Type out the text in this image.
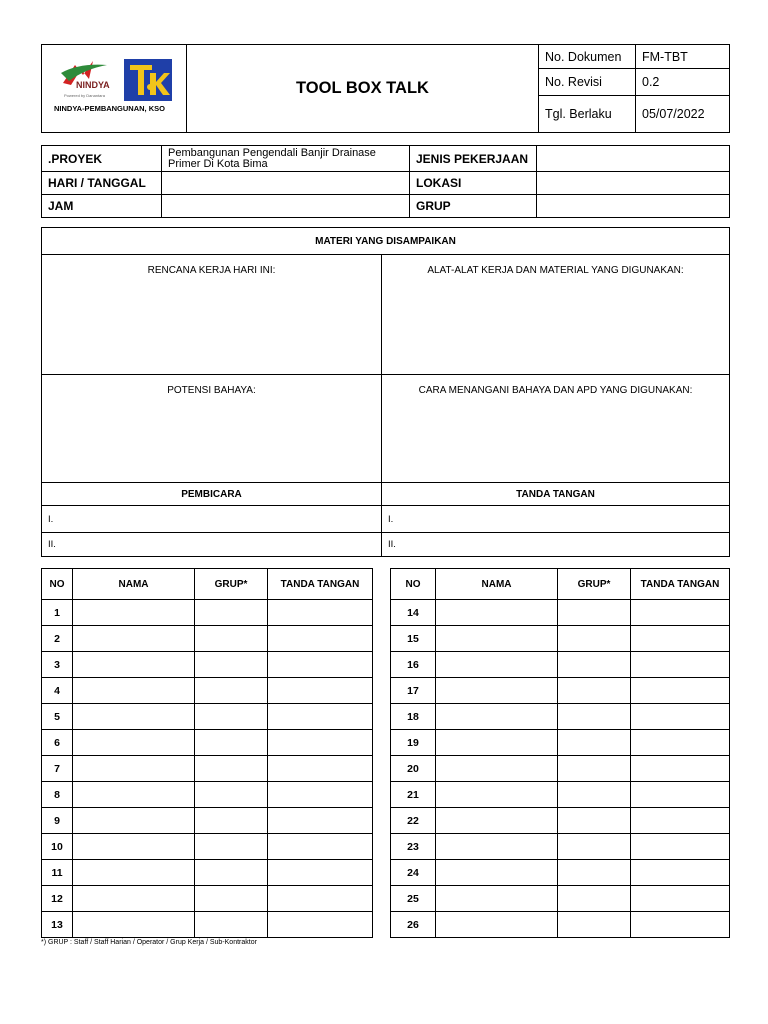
NINDYA
Powered by Danantara
NINDYA-PEMBANGUNAN, KSO	TOOL BOX TALK	No. Dokumen	FM-TBT
		No. Revisi	0.2
		Tgl. Berlaku	05/07/2022
.PROYEK	Pembangunan Pengendali Banjir Drainase Primer Di Kota Bima	JENIS PEKERJAAN	
HARI / TANGGAL		LOKASI	
JAM		GRUP	
MATERI YANG DISAMPAIKAN	
RENCANA KERJA HARI INI:	ALAT-ALAT KERJA DAN MATERIAL YANG DIGUNAKAN:
POTENSI BAHAYA:	CARA MENANGANI BAHAYA DAN APD YANG DIGUNAKAN:
PEMBICARA	TANDA TANGAN
I.	I.
II.	II.
NO	NAMA	GRUP*	TANDA TANGAN
1			
2			
3			
4			
5			
6			
7			
8			
9			
10			
11			
12			
13			
NO	NAMA	GRUP*	TANDA TANGAN
14			
15			
16			
17			
18			
19			
20			
21			
22			
23			
24			
25			
26			
*) GRUP : Staff / Staff Harian / Operator / Grup Kerja / Sub-Kontraktor
